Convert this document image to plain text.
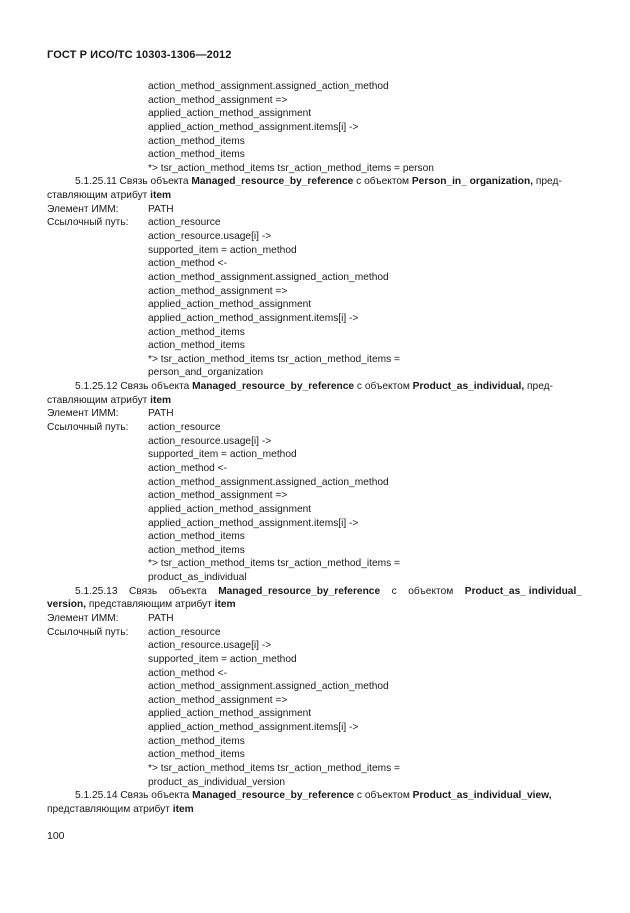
ГОСТ Р ИСО/ТС 10303-1306—2012
action_method_assignment.assigned_action_method
action_method_assignment =>
applied_action_method_assignment
applied_action_method_assignment.items[i] ->
action_method_items
action_method_items
*> tsr_action_method_items tsr_action_method_items = person
5.1.25.11 Связь объекта Managed_resource_by_reference с объектом Person_in_ organization, пред-
ставляющим атрибут item
Элемент ИММ:	PATH
Ссылочный путь: action_resource
action_resource.usage[i] ->
supported_item = action_method
action_method <-
action_method_assignment.assigned_action_method
action_method_assignment =>
applied_action_method_assignment
applied_action_method_assignment.items[i] ->
action_method_items
action_method_items
*> tsr_action_method_items tsr_action_method_items =
person_and_organization
5.1.25.12 Связь объекта Managed_resource_by_reference с объектом Product_as_individual, пред-
ставляющим атрибут item
Элемент ИММ:	PATH
Ссылочный путь: action_resource
action_resource.usage[i] ->
supported_item = action_method
action_method <-
action_method_assignment.assigned_action_method
action_method_assignment =>
applied_action_method_assignment
applied_action_method_assignment.items[i] ->
action_method_items
action_method_items
*> tsr_action_method_items tsr_action_method_items =
product_as_individual
5.1.25.13 Связь объекта Managed_resource_by_reference с объектом Product_as_ individual_
version, представляющим атрибут item
Элемент ИММ:	PATH
Ссылочный путь: action_resource
action_resource.usage[i] ->
supported_item = action_method
action_method <-
action_method_assignment.assigned_action_method
action_method_assignment =>
applied_action_method_assignment
applied_action_method_assignment.items[i] ->
action_method_items
action_method_items
*> tsr_action_method_items tsr_action_method_items =
product_as_individual_version
5.1.25.14 Связь объекта Managed_resource_by_reference с объектом Product_as_individual_view,
представляющим атрибут item
100
